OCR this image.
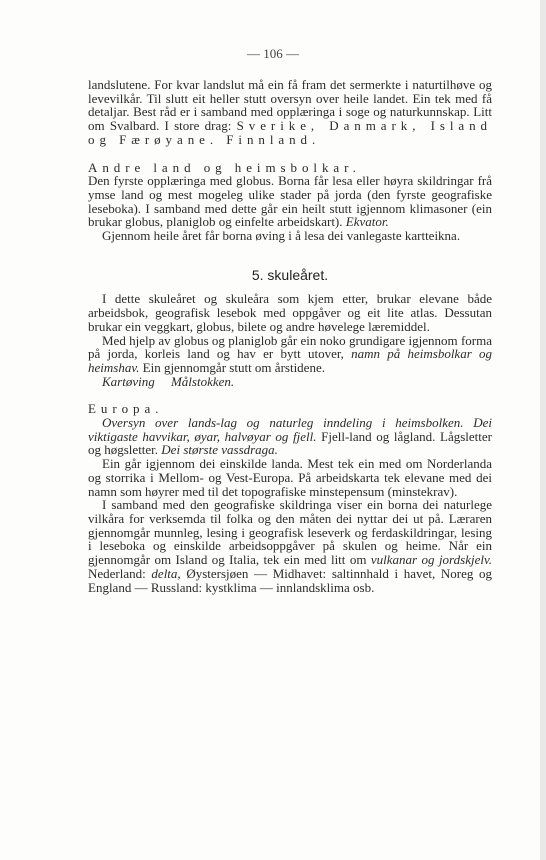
— 106 —

landslutene. For kvar landslut må ein få fram det sermerkte i naturtilhøve og levevilkår. Til slutt eit heller stutt oversyn over heile landet. Ein tek med få detaljar. Best råd er i samband med opplæringa i soge og naturkunnskap. Litt om Svalbard. I store drag: Sverike, Danmark, Island og Færøyane. Finnland.

Andre land og heimsbolkar.

Den fyrste opplæringa med globus. Borna får lesa eller høyra skildringar frå ymse land og mest mogeleg ulike stader på jorda (den fyrste geografiske leseboka). I samband med dette går ein heilt stutt igjennom klimasoner (ein brukar globus, planiglob og einfelte arbeidskart). Ekvator.

Gjennom heile året får borna øving i å lesa dei vanlegaste kartteikna.

5. skuleåret.

I dette skuleåret og skuleåra som kjem etter, brukar elevane både arbeidsbok, geografisk lesebok med oppgåver og eit lite atlas. Dessutan brukar ein veggkart, globus, bilete og andre høvelege læremiddel.

Med hjelp av globus og planiglob går ein noko grundigare igjennom forma på jorda, korleis land og hav er bytt utover, namn på heimsbolkar og heimshav. Ein gjennomgår stutt om årstidene.

Kartøving     Målstokken.

Europa.

Oversyn over lands-lag og naturleg inndeling i heimsbolken. Dei viktigaste havvikar, øyar, halvøyar og fjell. Fjell-land og lågland. Lågsletter og høgsletter. Dei største vassdraga.

Ein går igjennom dei einskilde landa. Mest tek ein med om Norderlanda og storrika i Mellom- og Vest-Europa. På arbeidskarta tek elevane med dei namn som høyrer med til det topografiske minstepensum (minstekrav).

I samband med den geografiske skildringa viser ein borna dei naturlege vilkåra for verksemda til folka og den måten dei nyttar dei ut på. Læraren gjennomgår munnleg, lesing i geografisk leseverk og ferdaskildringar, lesing i leseboka og einskilde arbeidsoppgåver på skulen og heime. Når ein gjennomgår om Island og Italia, tek ein med litt om vulkanar og jordskjelv. Nederland: delta, Øystersjøen — Midhavet: saltinnhald i havet, Noreg og England — Russland: kystklima — innlandsklima osb.
